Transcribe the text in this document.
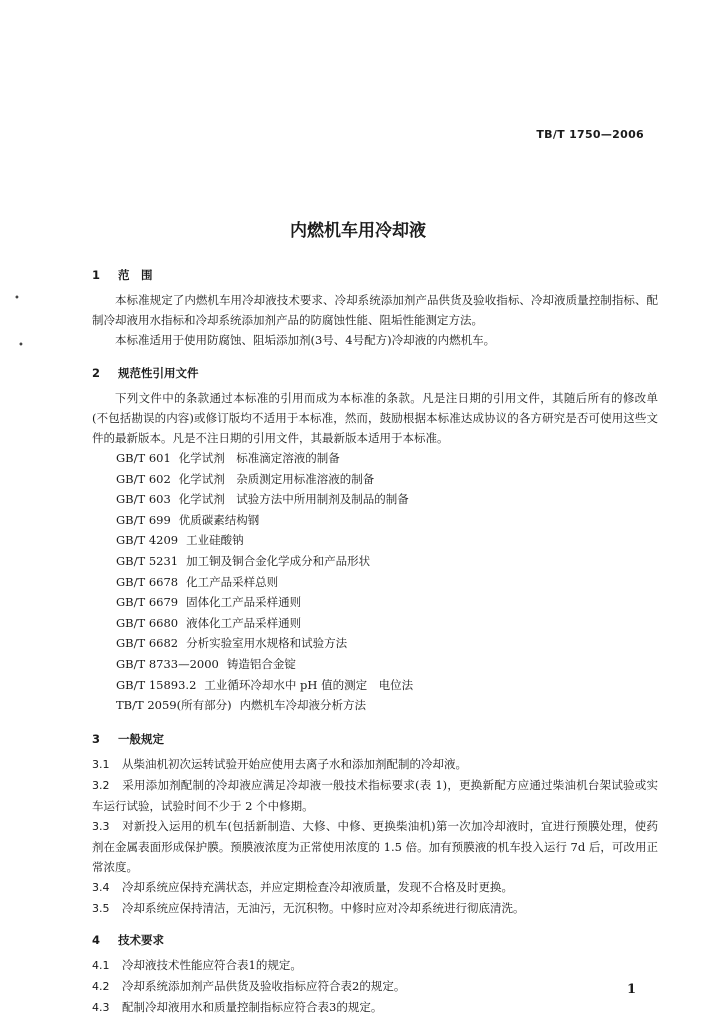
TB/T 1750—2006
内燃机车用冷却液
•
•
1 范　围

本标准规定了内燃机车用冷却液技术要求、冷却系统添加剂产品供货及验收指标、冷却液质量控制指标、配制冷却液用水指标和冷却系统添加剂产品的防腐蚀性能、阻垢性能测定方法。

本标准适用于使用防腐蚀、阻垢添加剂(3号、4号配方)冷却液的内燃机车。

2 规范性引用文件

下列文件中的条款通过本标准的引用而成为本标准的条款。凡是注日期的引用文件，其随后所有的修改单(不包括勘误的内容)或修订版均不适用于本标准，然而，鼓励根据本标准达成协议的各方研究是否可使用这些文件的最新版本。凡是不注日期的引用文件，其最新版本适用于本标准。

GB/T 601 化学试剂　标准滴定溶液的制备
GB/T 602 化学试剂　杂质测定用标准溶液的制备
GB/T 603 化学试剂　试验方法中所用制剂及制品的制备
GB/T 699 优质碳素结构钢
GB/T 4209 工业硅酸钠
GB/T 5231 加工铜及铜合金化学成分和产品形状
GB/T 6678 化工产品采样总则
GB/T 6679 固体化工产品采样通则
GB/T 6680 液体化工产品采样通则
GB/T 6682 分析实验室用水规格和试验方法
GB/T 8733—2000 铸造铝合金锭
GB/T 15893.2 工业循环冷却水中 pH 值的测定　电位法
TB/T 2059(所有部分) 内燃机车冷却液分析方法
3 一般规定

3.1 从柴油机初次运转试验开始应使用去离子水和添加剂配制的冷却液。

3.2 采用添加剂配制的冷却液应满足冷却液一般技术指标要求(表 1)，更换新配方应通过柴油机台架试验或实车运行试验，试验时间不少于 2 个中修期。

3.3 对新投入运用的机车(包括新制造、大修、中修、更换柴油机)第一次加冷却液时，宜进行预膜处理，使药剂在金属表面形成保护膜。预膜液浓度为正常使用浓度的 1.5 倍。加有预膜液的机车投入运行 7d 后，可改用正常浓度。

3.4 冷却系统应保持充满状态，并应定期检查冷却液质量，发现不合格及时更换。

3.5 冷却系统应保持清洁，无油污，无沉积物。中修时应对冷却系统进行彻底清洗。

4 技术要求

4.1 冷却液技术性能应符合表1的规定。

4.2 冷却系统添加剂产品供货及验收指标应符合表2的规定。

4.3 配制冷却液用水和质量控制指标应符合表3的规定。

1
